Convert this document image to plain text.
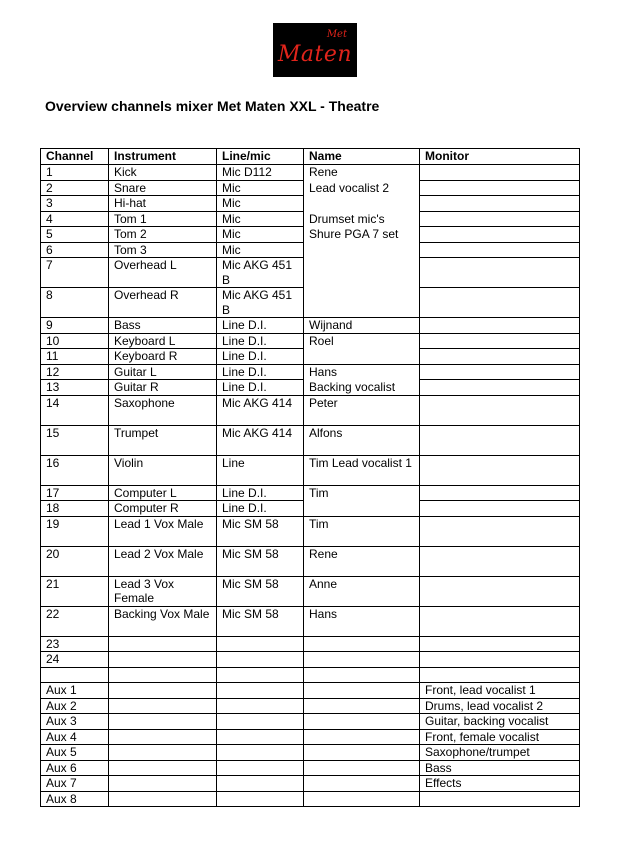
Met
Maten
Overview channels mixer Met Maten XXL - Theatre
Channel	Instrument	Line/mic	Name	Monitor
1	Kick	Mic D112	Rene	
2	Snare	Mic	Lead vocalist 2	
3	Hi-hat	Mic		
4	Tom 1	Mic	Drumset mic's	
5	Tom 2	Mic	Shure PGA 7 set	
6	Tom 3	Mic		
7	Overhead L	Mic AKG 451 B		
8	Overhead R	Mic AKG 451 B		
9	Bass	Line D.I.	Wijnand	
10	Keyboard L	Line D.I.	Roel	
11	Keyboard R	Line D.I.		
12	Guitar L	Line D.I.	Hans	
13	Guitar R	Line D.I.	Backing vocalist	
14	Saxophone	Mic AKG 414	Peter	
15	Trumpet	Mic AKG 414	Alfons	
16	Violin	Line	Tim Lead vocalist 1	
17	Computer L	Line D.I.	Tim	
18	Computer R	Line D.I.		
19	Lead 1 Vox Male	Mic SM 58	Tim	
20	Lead 2 Vox Male	Mic SM 58	Rene	
21	Lead 3 Vox Female	Mic SM 58	Anne	
22	Backing Vox Male	Mic SM 58	Hans	
23				
24				

Aux 1				Front, lead vocalist 1
Aux 2				Drums, lead vocalist 2
Aux 3				Guitar, backing vocalist
Aux 4				Front, female vocalist
Aux 5				Saxophone/trumpet
Aux 6				Bass
Aux 7				Effects
Aux 8				
